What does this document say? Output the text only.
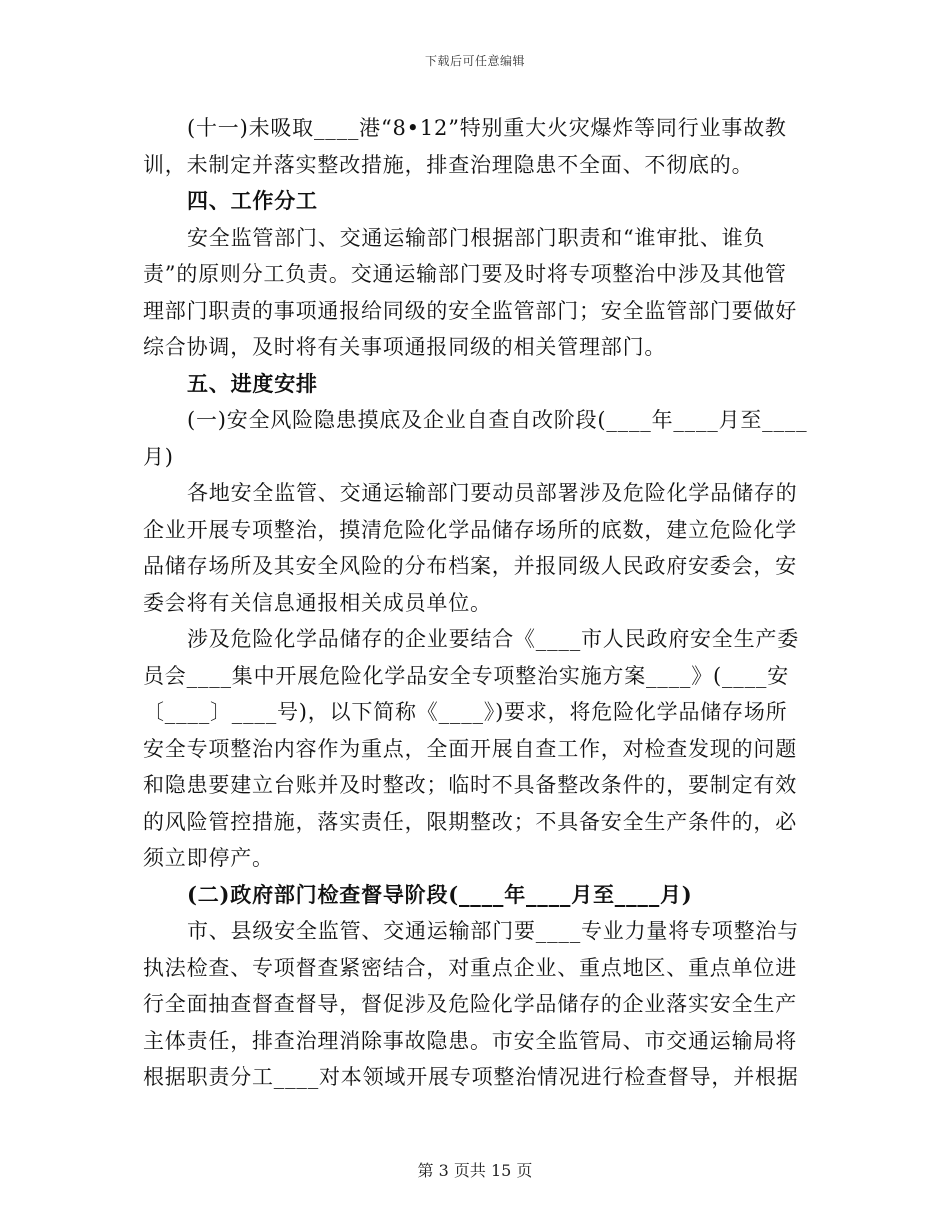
下载后可任意编辑
(十一)未吸取____港“8•12”特别重大火灾爆炸等同行业事故教
训，未制定并落实整改措施，排查治理隐患不全面、不彻底的。
四、工作分工
安全监管部门、交通运输部门根据部门职责和“谁审批、谁负
责”的原则分工负责。交通运输部门要及时将专项整治中涉及其他管
理部门职责的事项通报给同级的安全监管部门；安全监管部门要做好
综合协调，及时将有关事项通报同级的相关管理部门。
五、进度安排
(一)安全风险隐患摸底及企业自查自改阶段(____年____月至____
月)
各地安全监管、交通运输部门要动员部署涉及危险化学品储存的
企业开展专项整治，摸清危险化学品储存场所的底数，建立危险化学
品储存场所及其安全风险的分布档案，并报同级人民政府安委会，安
委会将有关信息通报相关成员单位。
涉及危险化学品储存的企业要结合《____市人民政府安全生产委
员会____集中开展危险化学品安全专项整治实施方案____》(____安
〔____〕____号)，以下简称《____》)要求，将危险化学品储存场所
安全专项整治内容作为重点，全面开展自查工作，对检查发现的问题
和隐患要建立台账并及时整改；临时不具备整改条件的，要制定有效
的风险管控措施，落实责任，限期整改；不具备安全生产条件的，必
须立即停产。
(二)政府部门检查督导阶段(____年____月至____月)
市、县级安全监管、交通运输部门要____专业力量将专项整治与
执法检查、专项督查紧密结合，对重点企业、重点地区、重点单位进
行全面抽查督查督导，督促涉及危险化学品储存的企业落实安全生产
主体责任，排查治理消除事故隐患。市安全监管局、市交通运输局将
根据职责分工____对本领域开展专项整治情况进行检查督导，并根据
第 3 页共 15 页
